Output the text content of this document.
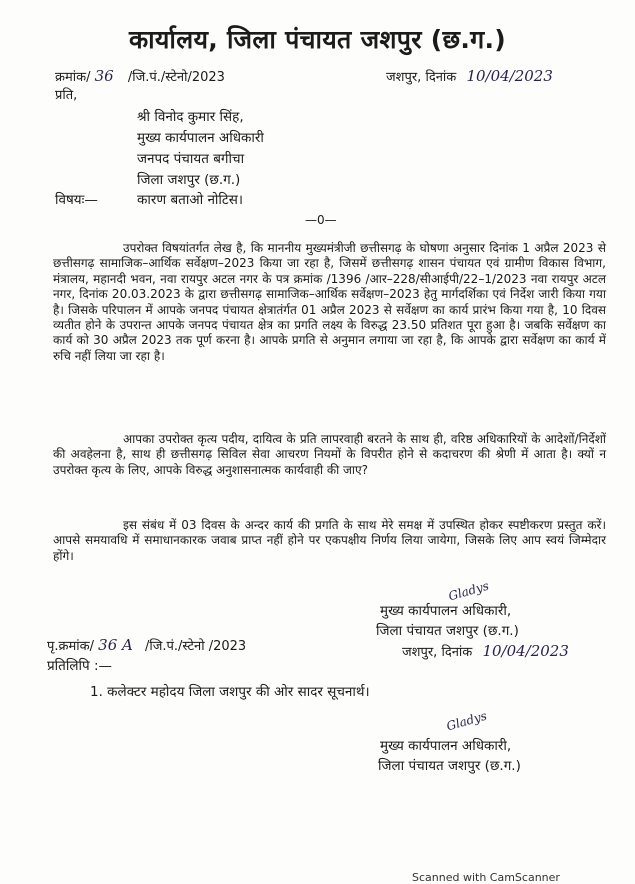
कार्यालय, जिला पंचायत जशपुर (छ.ग.)
क्रमांक/ 36 /जि.पं./स्टेनो/2023	जशपुर, दिनांक 10/04/2023
प्रति,
श्री विनोद कुमार सिंह,
मुख्य कार्यपालन अधिकारी
जनपद पंचायत बगीचा
जिला जशपुर (छ.ग.)
विषयः—	कारण बताओ नोटिस।
—0—
उपरोक्त विषयांतर्गत लेख है, कि माननीय मुख्यमंत्रीजी छत्तीसगढ़ के घोषणा अनुसार दिनांक 1 अप्रैल 2023 से छत्तीसगढ़ सामाजिक–आर्थिक सर्वेक्षण–2023 किया जा रहा है, जिसमें छत्तीसगढ़ शासन पंचायत एवं ग्रामीण विकास विभाग, मंत्रालय, महानदी भवन, नवा रायपुर अटल नगर के पत्र क्रमांक /1396 /आर–228/सीआईपी/22–1/2023 नवा रायपुर अटल नगर, दिनांक 20.03.2023 के द्वारा छत्तीसगढ़ सामाजिक–आर्थिक सर्वेक्षण–2023 हेतु मार्गदर्शिका एवं निर्देश जारी किया गया है। जिसके परिपालन में आपके जनपद पंचायत क्षेत्रातंर्गत 01 अप्रैल 2023 से सर्वेक्षण का कार्य प्रारंभ किया गया है, 10 दिवस व्यतीत होने के उपरान्त आपके जनपद पंचायत क्षेत्र का प्रगति लक्ष्य के विरुद्ध 23.50 प्रतिशत पूरा हुआ है। जबकि सर्वेक्षण का कार्य को 30 अप्रैल 2023 तक पूर्ण करना है। आपके प्रगति से अनुमान लगाया जा रहा है, कि आपके द्वारा सर्वेक्षण का कार्य में रुचि नहीं लिया जा रहा है।
आपका उपरोक्त कृत्य पदीय, दायित्व के प्रति लापरवाही बरतने के साथ ही, वरिष्ठ अधिकारियों के आदेशों/निर्देशों की अवहेलना है, साथ ही छत्तीसगढ़ सिविल सेवा आचरण नियमों के विपरीत होने से कदाचरण की श्रेणी में आता है। क्यों न उपरोक्त कृत्य के लिए, आपके विरुद्ध अनुशासनात्मक कार्यवाही की जाए?
इस संबंध में 03 दिवस के अन्दर कार्य की प्रगति के साथ मेरे समक्ष में उपस्थित होकर स्पष्टीकरण प्रस्तुत करें। आपसे समयावधि में समाधानकारक जवाब प्राप्त नहीं होने पर एकपक्षीय निर्णय लिया जायेगा, जिसके लिए आप स्वयं जिम्मेदार होंगे।
Gladys
मुख्य कार्यपालन अधिकारी,
जिला पंचायत जशपुर (छ.ग.)
जशपुर, दिनांक 10/04/2023
पृ.क्रमांक/ 36 A /जि.पं./स्टेनो /2023
प्रतिलिपि :—
1. कलेक्टर महोदय जिला जशपुर की ओर सादर सूचनार्थ।
Gladys
मुख्य कार्यपालन अधिकारी,
जिला पंचायत जशपुर (छ.ग.)
Scanned with CamScanner
